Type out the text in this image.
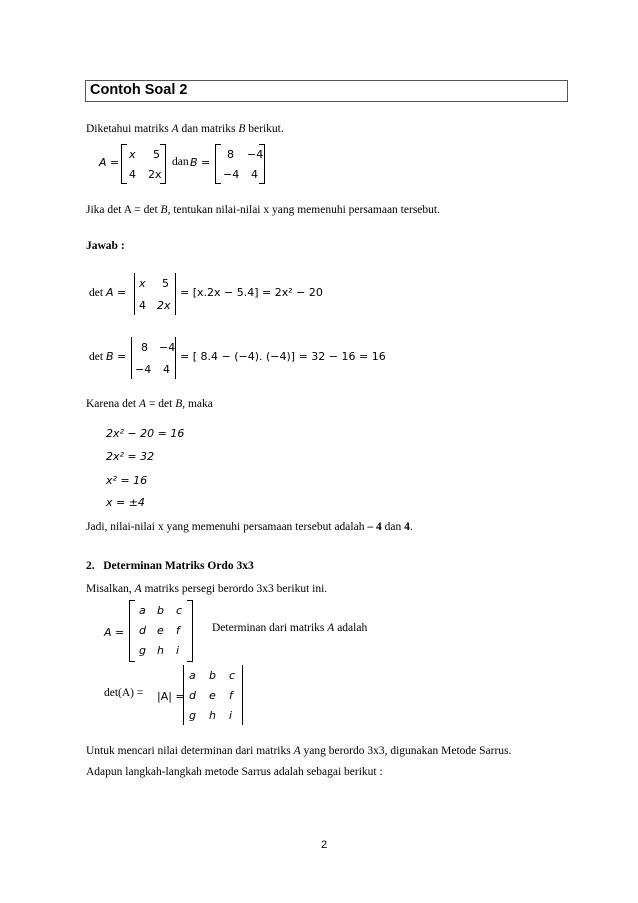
Contoh Soal 2
Diketahui matriks A dan matriks B berikut.
A =
x 5
4 2x
dan B =
8 −4
−4 4
Jika det A = det B, tentukan nilai-nilai x yang memenuhi persamaan tersebut.
Jawab :
det A =
x 5
4 2x
= [x.2x − 5.4] = 2x² − 20
det B =
8 −4
−4 4
= [ 8.4 − (−4). (−4)] = 32 − 16 = 16
Karena det A = det B, maka
2x² − 20 = 16
2x² = 32
x² = 16
x = ±4
Jadi, nilai-nilai x yang memenuhi persamaan tersebut adalah – 4 dan 4.
2. Determinan Matriks Ordo 3x3
Misalkan, A matriks persegi berordo 3x3 berikut ini.
A =
a b c
d e f
g h i
Determinan dari matriks A adalah
det(A) = |A| =
a b c
d e f
g h i
Untuk mencari nilai determinan dari matriks A yang berordo 3x3, digunakan Metode Sarrus.
Adapun langkah-langkah metode Sarrus adalah sebagai berikut :
2
